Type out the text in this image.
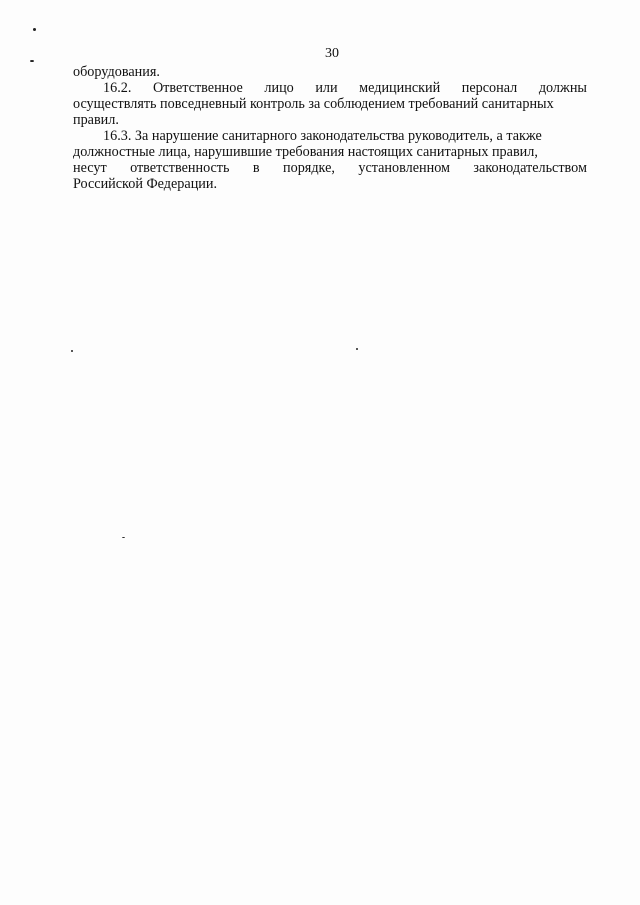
30
оборудования.
16.2. Ответственное лицо или медицинский персонал должны
осуществлять повседневный контроль за соблюдением требований санитарных
правил.
16.3. За нарушение санитарного законодательства руководитель, а также
должностные лица, нарушившие требования настоящих санитарных правил,
несут ответственность в порядке, установленном законодательством
Российской Федерации.
